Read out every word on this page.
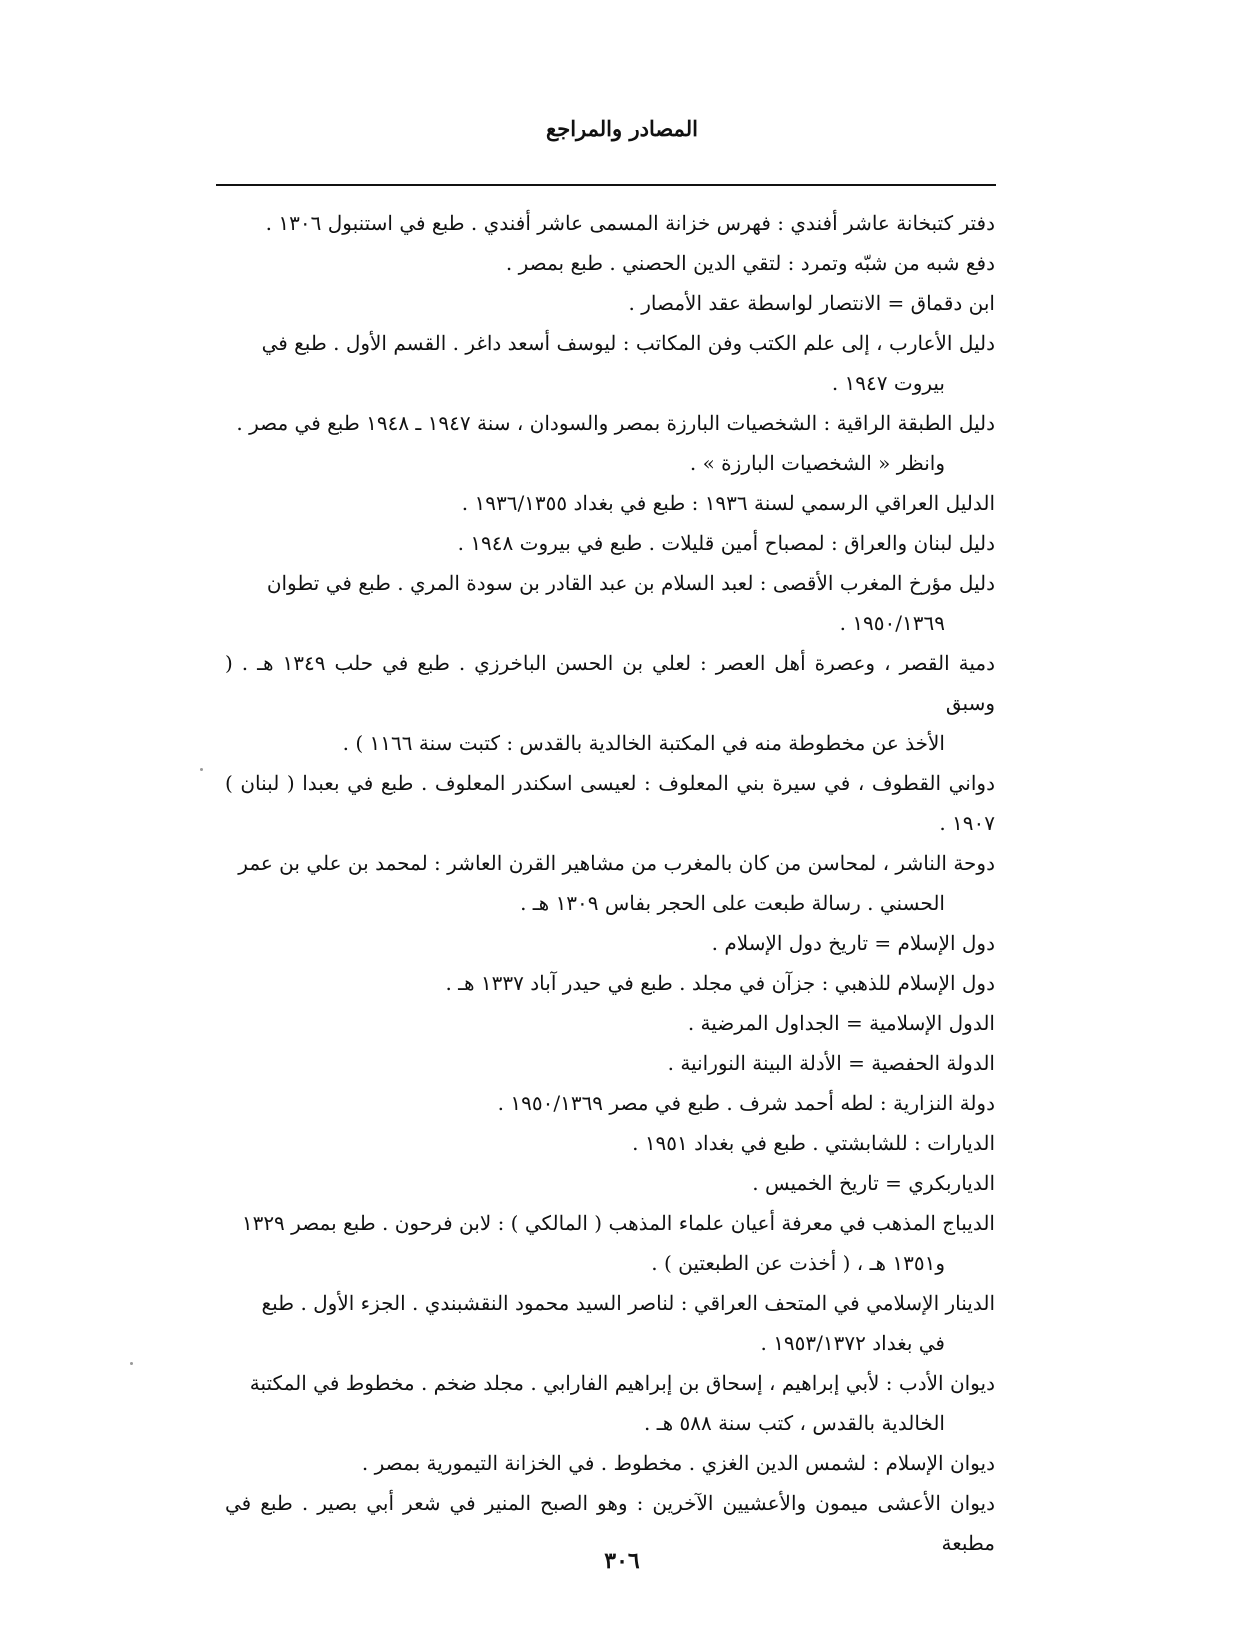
المصادر والمراجع
دفتر كتبخانة عاشر أفندي : فهرس خزانة المسمى عاشر أفندي . طبع في استنبول ١٣٠٦ .
دفع شبه من شبّه وتمرد : لتقي الدين الحصني . طبع بمصر .
ابن دقماق = الانتصار لواسطة عقد الأمصار .
دليل الأعارب ، إلى علم الكتب وفن المكاتب : ليوسف أسعد داغر . القسم الأول . طبع في
بيروت ١٩٤٧ .
دليل الطبقة الراقية : الشخصيات البارزة بمصر والسودان ، سنة ١٩٤٧ ـ ١٩٤٨ طبع في مصر .
وانظر « الشخصيات البارزة » .
الدليل العراقي الرسمي لسنة ١٩٣٦ : طبع في بغداد ١٩٣٦/١٣٥٥ .
دليل لبنان والعراق : لمصباح أمين قليلات . طبع في بيروت ١٩٤٨ .
دليل مؤرخ المغرب الأقصى : لعبد السلام بن عبد القادر بن سودة المري . طبع في تطوان
١٩٥٠/١٣٦٩ .
دمية القصر ، وعصرة أهل العصر : لعلي بن الحسن الباخرزي . طبع في حلب ١٣٤٩ هـ . ( وسبق
الأخذ عن مخطوطة منه في المكتبة الخالدية بالقدس : كتبت سنة ١١٦٦ ) .
دواني القطوف ، في سيرة بني المعلوف : لعيسى اسكندر المعلوف . طبع في بعبدا ( لبنان ) ١٩٠٧ .
دوحة الناشر ، لمحاسن من كان بالمغرب من مشاهير القرن العاشر : لمحمد بن علي بن عمر
الحسني . رسالة طبعت على الحجر بفاس ١٣٠٩ هـ .
دول الإسلام = تاريخ دول الإسلام .
دول الإسلام للذهبي : جزآن في مجلد . طبع في حيدر آباد ١٣٣٧ هـ .
الدول الإسلامية = الجداول المرضية .
الدولة الحفصية = الأدلة البينة النورانية .
دولة النزارية : لطه أحمد شرف . طبع في مصر ١٩٥٠/١٣٦٩ .
الديارات : للشابشتي . طبع في بغداد ١٩٥١ .
الدياربكري = تاريخ الخميس .
الديباج المذهب في معرفة أعيان علماء المذهب ( المالكي ) : لابن فرحون . طبع بمصر ١٣٢٩
و١٣٥١ هـ ، ( أخذت عن الطبعتين ) .
الدينار الإسلامي في المتحف العراقي : لناصر السيد محمود النقشبندي . الجزء الأول . طبع
في بغداد ١٩٥٣/١٣٧٢ .
ديوان الأدب : لأبي إبراهيم ، إسحاق بن إبراهيم الفارابي . مجلد ضخم . مخطوط في المكتبة
الخالدية بالقدس ، كتب سنة ٥٨٨ هـ .
ديوان الإسلام : لشمس الدين الغزي . مخطوط . في الخزانة التيمورية بمصر .
ديوان الأعشى ميمون والأعشيين الآخرين : وهو الصبح المنير في شعر أبي بصير . طبع في مطبعة
٣٠٦
